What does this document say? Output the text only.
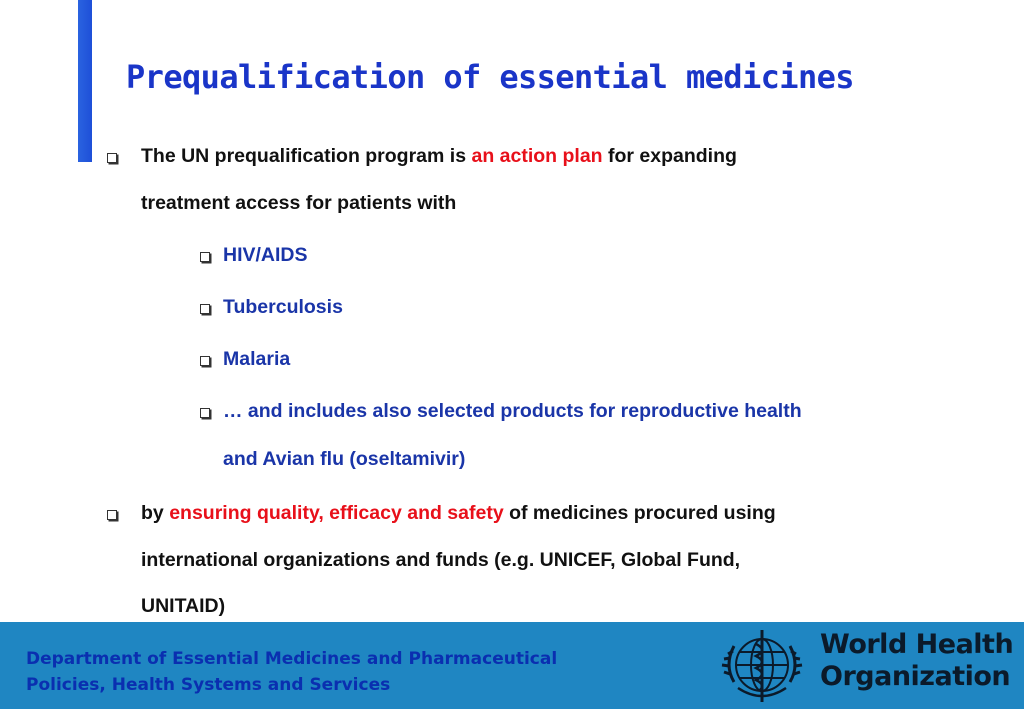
Prequalification of essential medicines

The UN prequalification program is an action plan for expanding

treatment access for patients with

HIV/AIDS

Tuberculosis

Malaria

… and includes also selected products for reproductive health

and Avian flu (oseltamivir)

by ensuring quality, efficacy and safety of medicines procured using

international organizations and funds (e.g. UNICEF, Global Fund,

UNITAID)

Department of Essential Medicines and Pharmaceutical
Policies, Health Systems and Services

World Health
Organization
